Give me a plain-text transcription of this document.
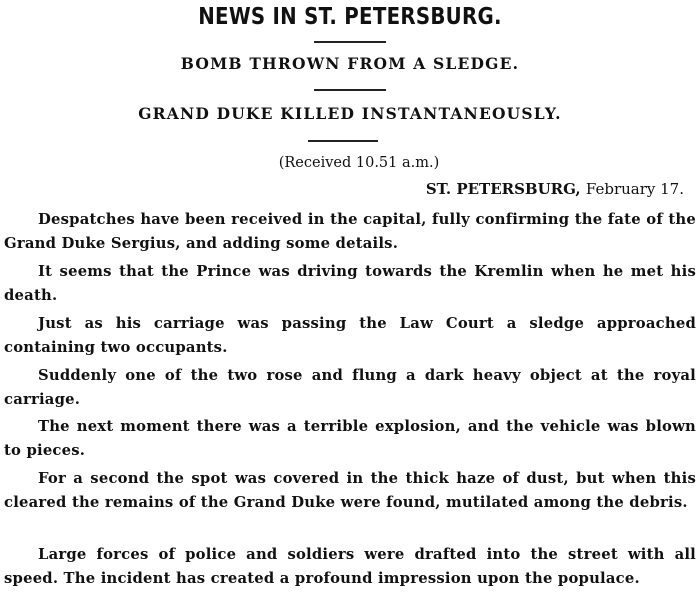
NEWS IN ST. PETERSBURG.
BOMB THROWN FROM A SLEDGE.
GRAND DUKE KILLED INSTANTANEOUSLY.

(Received 10.51 a.m.)

ST. PETERSBURG, February 17.

Despatches have been received in the capital, fully confirming the fate of the Grand Duke Sergius, and adding some details.

It seems that the Prince was driving towards the Kremlin when he met his death.

Just as his carriage was passing the Law Court a sledge approached containing two occupants.

Suddenly one of the two rose and flung a dark heavy object at the royal carriage.

The next moment there was a terrible explosion, and the vehicle was blown to pieces.

For a second the spot was covered in the thick haze of dust, but when this cleared the remains of the Grand Duke were found, mutilated among the debris.

Large forces of police and soldiers were drafted into the street with all speed. The incident has created a profound impression upon the populace.
